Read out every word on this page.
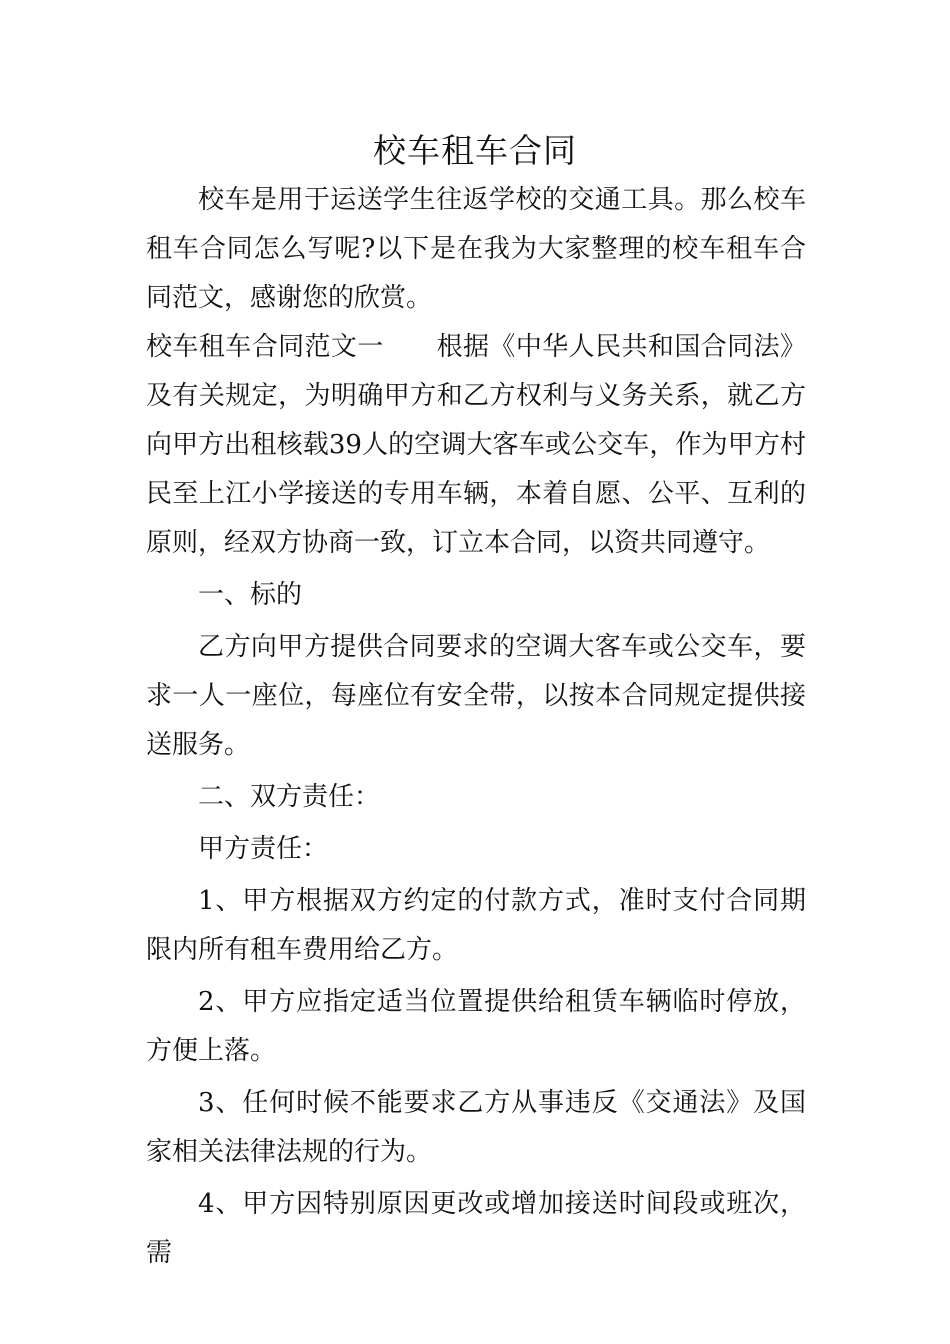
校车租车合同

校车是用于运送学生往返学校的交通工具。那么校车租车合同怎么写呢?以下是在我为大家整理的校车租车合同范文，感谢您的欣赏。

校车租车合同范文一　　根据《中华人民共和国合同法》及有关规定，为明确甲方和乙方权利与义务关系，就乙方向甲方出租核载39人的空调大客车或公交车，作为甲方村民至上江小学接送的专用车辆，本着自愿、公平、互利的原则，经双方协商一致，订立本合同，以资共同遵守。

一、标的

乙方向甲方提供合同要求的空调大客车或公交车，要求一人一座位，每座位有安全带，以按本合同规定提供接送服务。

二、双方责任：

甲方责任：

1、甲方根据双方约定的付款方式，准时支付合同期限内所有租车费用给乙方。

2、甲方应指定适当位置提供给租赁车辆临时停放，方便上落。

3、任何时候不能要求乙方从事违反《交通法》及国家相关法律法规的行为。

4、甲方因特别原因更改或增加接送时间段或班次，需
